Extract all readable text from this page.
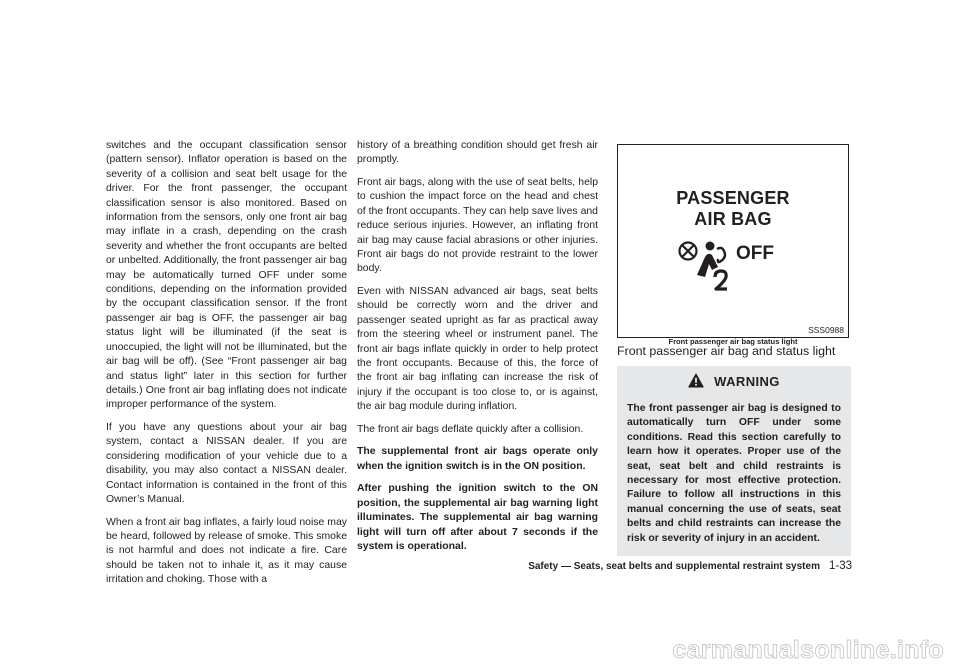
switches and the occupant classification sensor (pattern sensor). Inflator operation is based on the severity of a collision and seat belt usage for the driver. For the front passenger, the occupant classification sensor is also monitored. Based on information from the sensors, only one front air bag may inflate in a crash, depending on the crash severity and whether the front occupants are belted or unbelted. Additionally, the front passenger air bag may be automatically turned OFF under some conditions, depending on the information provided by the occupant classification sensor. If the front passenger air bag is OFF, the passenger air bag status light will be illuminated (if the seat is unoccupied, the light will not be illuminated, but the air bag will be off). (See “Front passenger air bag and status light” later in this section for further details.) One front air bag inflating does not indicate improper performance of the system.

If you have any questions about your air bag system, contact a NISSAN dealer. If you are considering modification of your vehicle due to a disability, you may also contact a NISSAN dealer. Contact information is contained in the front of this Owner’s Manual.

When a front air bag inflates, a fairly loud noise may be heard, followed by release of smoke. This smoke is not harmful and does not indicate a fire. Care should be taken not to inhale it, as it may cause irritation and choking. Those with a

history of a breathing condition should get fresh air promptly.

Front air bags, along with the use of seat belts, help to cushion the impact force on the head and chest of the front occupants. They can help save lives and reduce serious injuries. However, an inflating front air bag may cause facial abrasions or other injuries. Front air bags do not provide restraint to the lower body.

Even with NISSAN advanced air bags, seat belts should be correctly worn and the driver and passenger seated upright as far as practical away from the steering wheel or instrument panel. The front air bags inflate quickly in order to help protect the front occupants. Because of this, the force of the front air bag inflating can increase the risk of injury if the occupant is too close to, or is against, the air bag module during inflation.

The front air bags deflate quickly after a collision.

The supplemental front air bags operate only when the ignition switch is in the ON position.

After pushing the ignition switch to the ON position, the supplemental air bag warning light illuminates. The supplemental air bag warning light will turn off after about 7 seconds if the system is operational.

PASSENGER
AIR BAG
OFF
SSS0988
Front passenger air bag status light
Front passenger air bag and status light
WARNING
The front passenger air bag is designed to automatically turn OFF under some conditions. Read this section carefully to learn how it operates. Proper use of the seat, seat belt and child restraints is necessary for most effective protection. Failure to follow all instructions in this manual concerning the use of seats, seat belts and child restraints can increase the risk or severity of injury in an accident.
Safety — Seats, seat belts and supplemental restraint system 1-33
carmanualsonline.info
